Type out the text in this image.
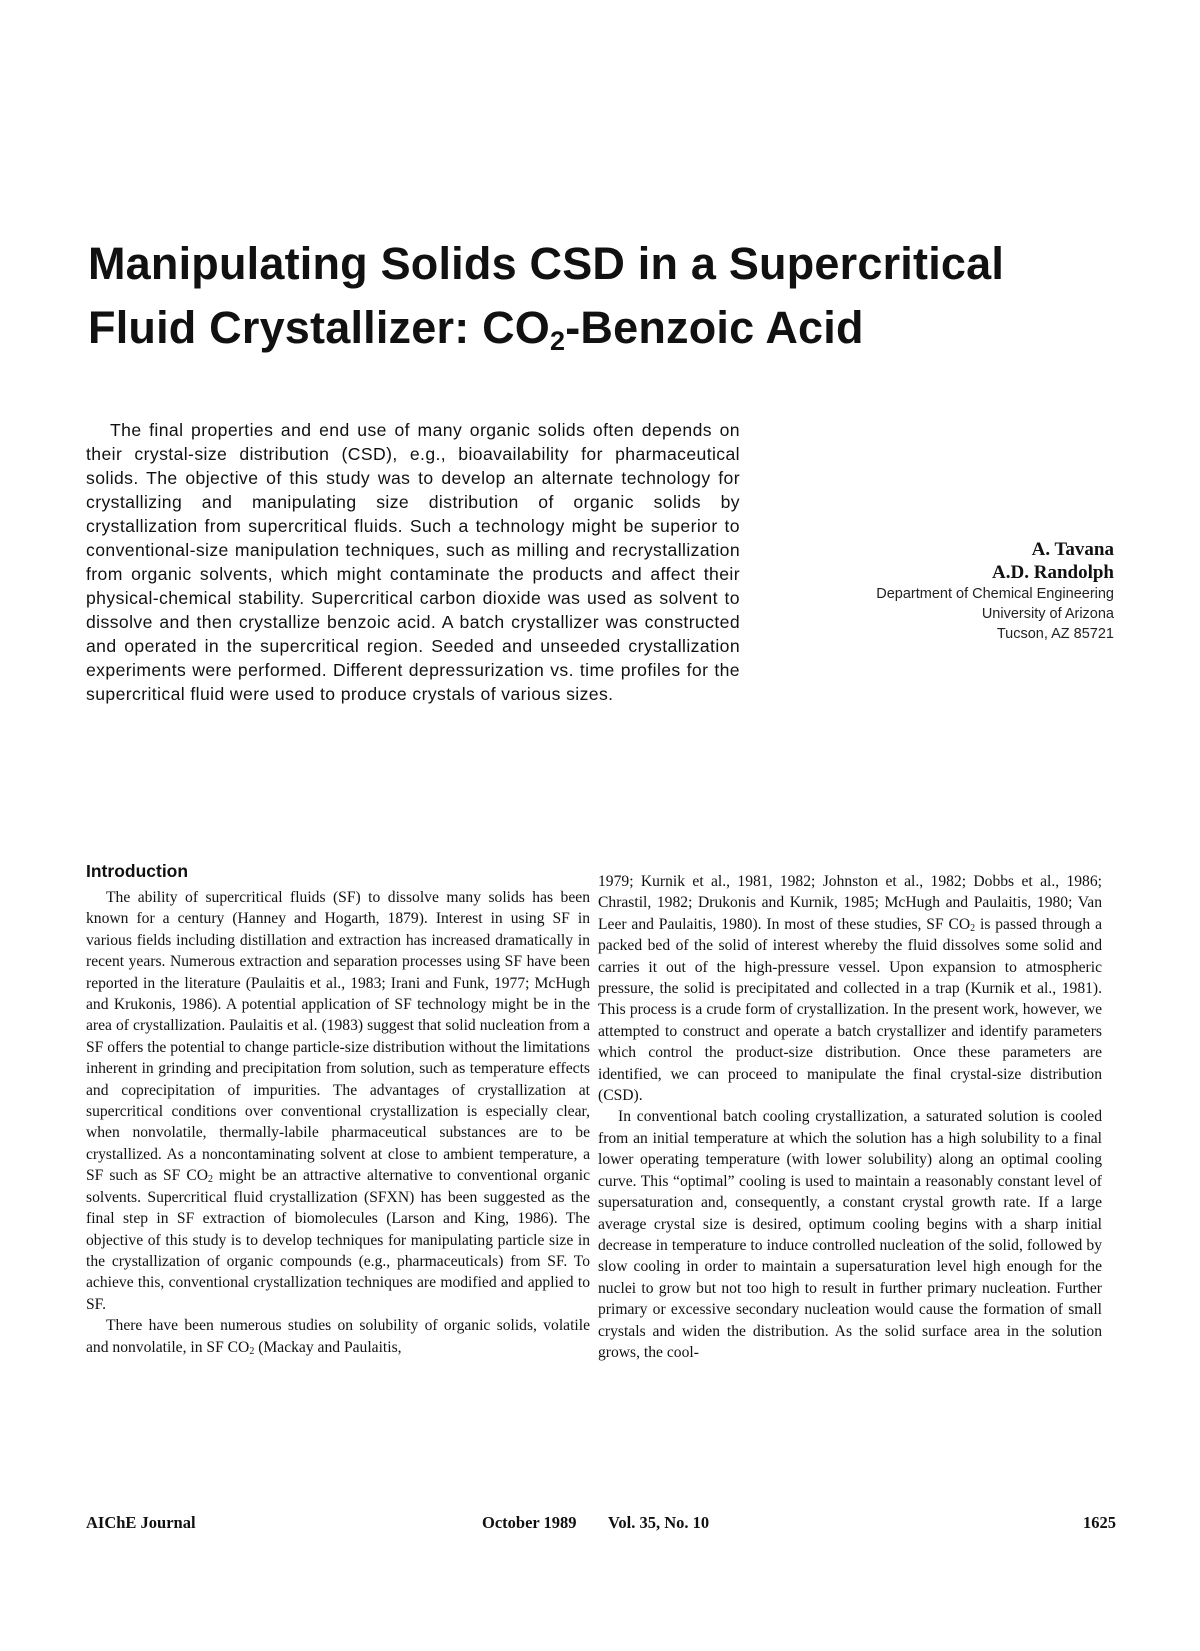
Manipulating Solids CSD in a Supercritical
Fluid Crystallizer: $CO_2$-Benzoic Acid

The final properties and end use of many organic solids often depends on their crystal-size distribution (CSD), e.g., bioavailability for pharmaceutical solids. The objective of this study was to develop an alternate technology for crystallizing and manipulating size distribution of organic solids by crystallization from supercritical fluids. Such a technology might be superior to conventional-size manipulation techniques, such as milling and recrystallization from organic solvents, which might contaminate the products and affect their physical-chemical stability. Supercritical carbon dioxide was used as solvent to dissolve and then crystallize benzoic acid. A batch crystallizer was constructed and operated in the supercritical region. Seeded and unseeded crystallization experiments were performed. Different depressurization vs. time profiles for the supercritical fluid were used to produce crystals of various sizes.

A. Tavana

A.D. Randolph

Department of Chemical Engineering

University of Arizona

Tucson, AZ 85721

Introduction

The ability of supercritical fluids (SF) to dissolve many solids has been known for a century (Hanney and Hogarth, 1879). Interest in using SF in various fields including distillation and extraction has increased dramatically in recent years. Numerous extraction and separation processes using SF have been reported in the literature (Paulaitis et al., 1983; Irani and Funk, 1977; McHugh and Krukonis, 1986). A potential application of SF technology might be in the area of crystallization. Paulaitis et al. (1983) suggest that solid nucleation from a SF offers the potential to change particle-size distribution without the limitations inherent in grinding and precipitation from solution, such as temperature effects and coprecipitation of impurities. The advantages of crystallization at supercritical conditions over conventional crystallization is especially clear, when nonvolatile, thermally-labile pharmaceutical substances are to be crystallized. As a noncontaminating solvent at close to ambient temperature, a SF such as SF $CO_2$ might be an attractive alternative to conventional organic solvents. Supercritical fluid crystallization (SFXN) has been suggested as the final step in SF extraction of biomolecules (Larson and King, 1986). The objective of this study is to develop techniques for manipulating particle size in the crystallization of organic compounds (e.g., pharmaceuticals) from SF. To achieve this, conventional crystallization techniques are modified and applied to SF.

There have been numerous studies on solubility of organic solids, volatile and nonvolatile, in SF $CO_2$ (Mackay and Paulaitis,

1979; Kurnik et al., 1981, 1982; Johnston et al., 1982; Dobbs et al., 1986; Chrastil, 1982; Drukonis and Kurnik, 1985; McHugh and Paulaitis, 1980; Van Leer and Paulaitis, 1980). In most of these studies, SF $CO_2$ is passed through a packed bed of the solid of interest whereby the fluid dissolves some solid and carries it out of the high-pressure vessel. Upon expansion to atmospheric pressure, the solid is precipitated and collected in a trap (Kurnik et al., 1981). This process is a crude form of crystallization. In the present work, however, we attempted to construct and operate a batch crystallizer and identify parameters which control the product-size distribution. Once these parameters are identified, we can proceed to manipulate the final crystal-size distribution (CSD).

In conventional batch cooling crystallization, a saturated solution is cooled from an initial temperature at which the solution has a high solubility to a final lower operating temperature (with lower solubility) along an optimal cooling curve. This “optimal” cooling is used to maintain a reasonably constant level of supersaturation and, consequently, a constant crystal growth rate. If a large average crystal size is desired, optimum cooling begins with a sharp initial decrease in temperature to induce controlled nucleation of the solid, followed by slow cooling in order to maintain a supersaturation level high enough for the nuclei to grow but not too high to result in further primary nucleation. Further primary or excessive secondary nucleation would cause the formation of small crystals and widen the distribution. As the solid surface area in the solution grows, the cool-

AIChE Journal	October 1989 Vol. 35, No. 10	1625
